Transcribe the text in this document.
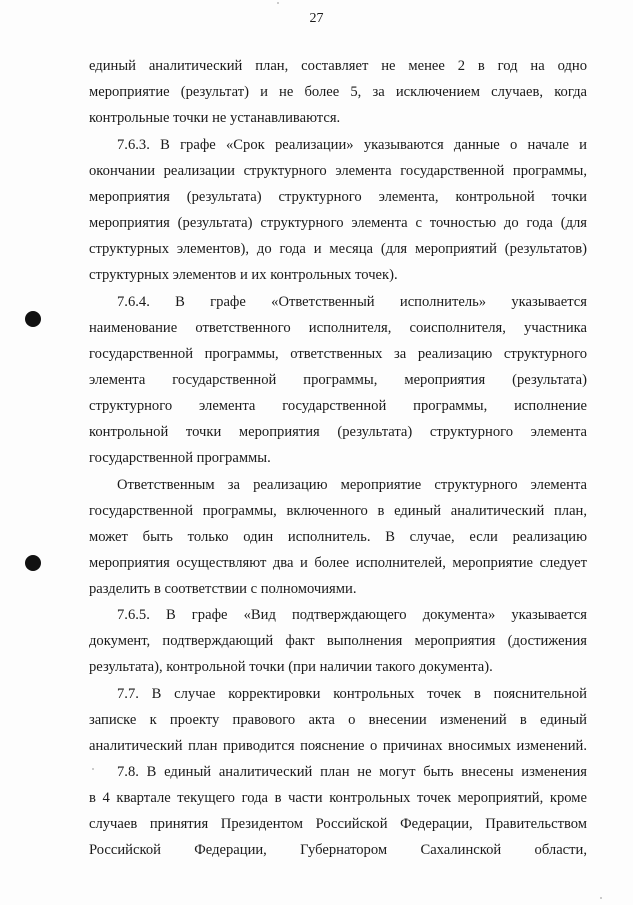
27
единый аналитический план, составляет не менее 2 в год на одно
мероприятие (результат) и не более 5, за исключением случаев, когда
контрольные точки не устанавливаются.
7.6.3. В графе «Срок реализации» указываются данные о начале и
окончании реализации структурного элемента государственной программы,
мероприятия (результата) структурного элемента, контрольной точки
мероприятия (результата) структурного элемента с точностью до года (для
структурных элементов), до года и месяца (для мероприятий (результатов)
структурных элементов и их контрольных точек).
7.6.4. В графе «Ответственный исполнитель» указывается
наименование ответственного исполнителя, соисполнителя, участника
государственной программы, ответственных за реализацию структурного
элемента государственной программы, мероприятия (результата)
структурного элемента государственной программы, исполнение
контрольной точки мероприятия (результата) структурного элемента
государственной программы.
Ответственным за реализацию мероприятие структурного элемента
государственной программы, включенного в единый аналитический план,
может быть только один исполнитель. В случае, если реализацию
мероприятия осуществляют два и более исполнителей, мероприятие следует
разделить в соответствии с полномочиями.
7.6.5. В графе «Вид подтверждающего документа» указывается
документ, подтверждающий факт выполнения мероприятия (достижения
результата), контрольной точки (при наличии такого документа).
7.7. В случае корректировки контрольных точек в пояснительной
записке к проекту правового акта о внесении изменений в единый
аналитический план приводится пояснение о причинах вносимых изменений.
7.8. В единый аналитический план не могут быть внесены изменения
в 4 квартале текущего года в части контрольных точек мероприятий, кроме
случаев принятия Президентом Российской Федерации, Правительством
Российской Федерации, Губернатором Сахалинской области,
